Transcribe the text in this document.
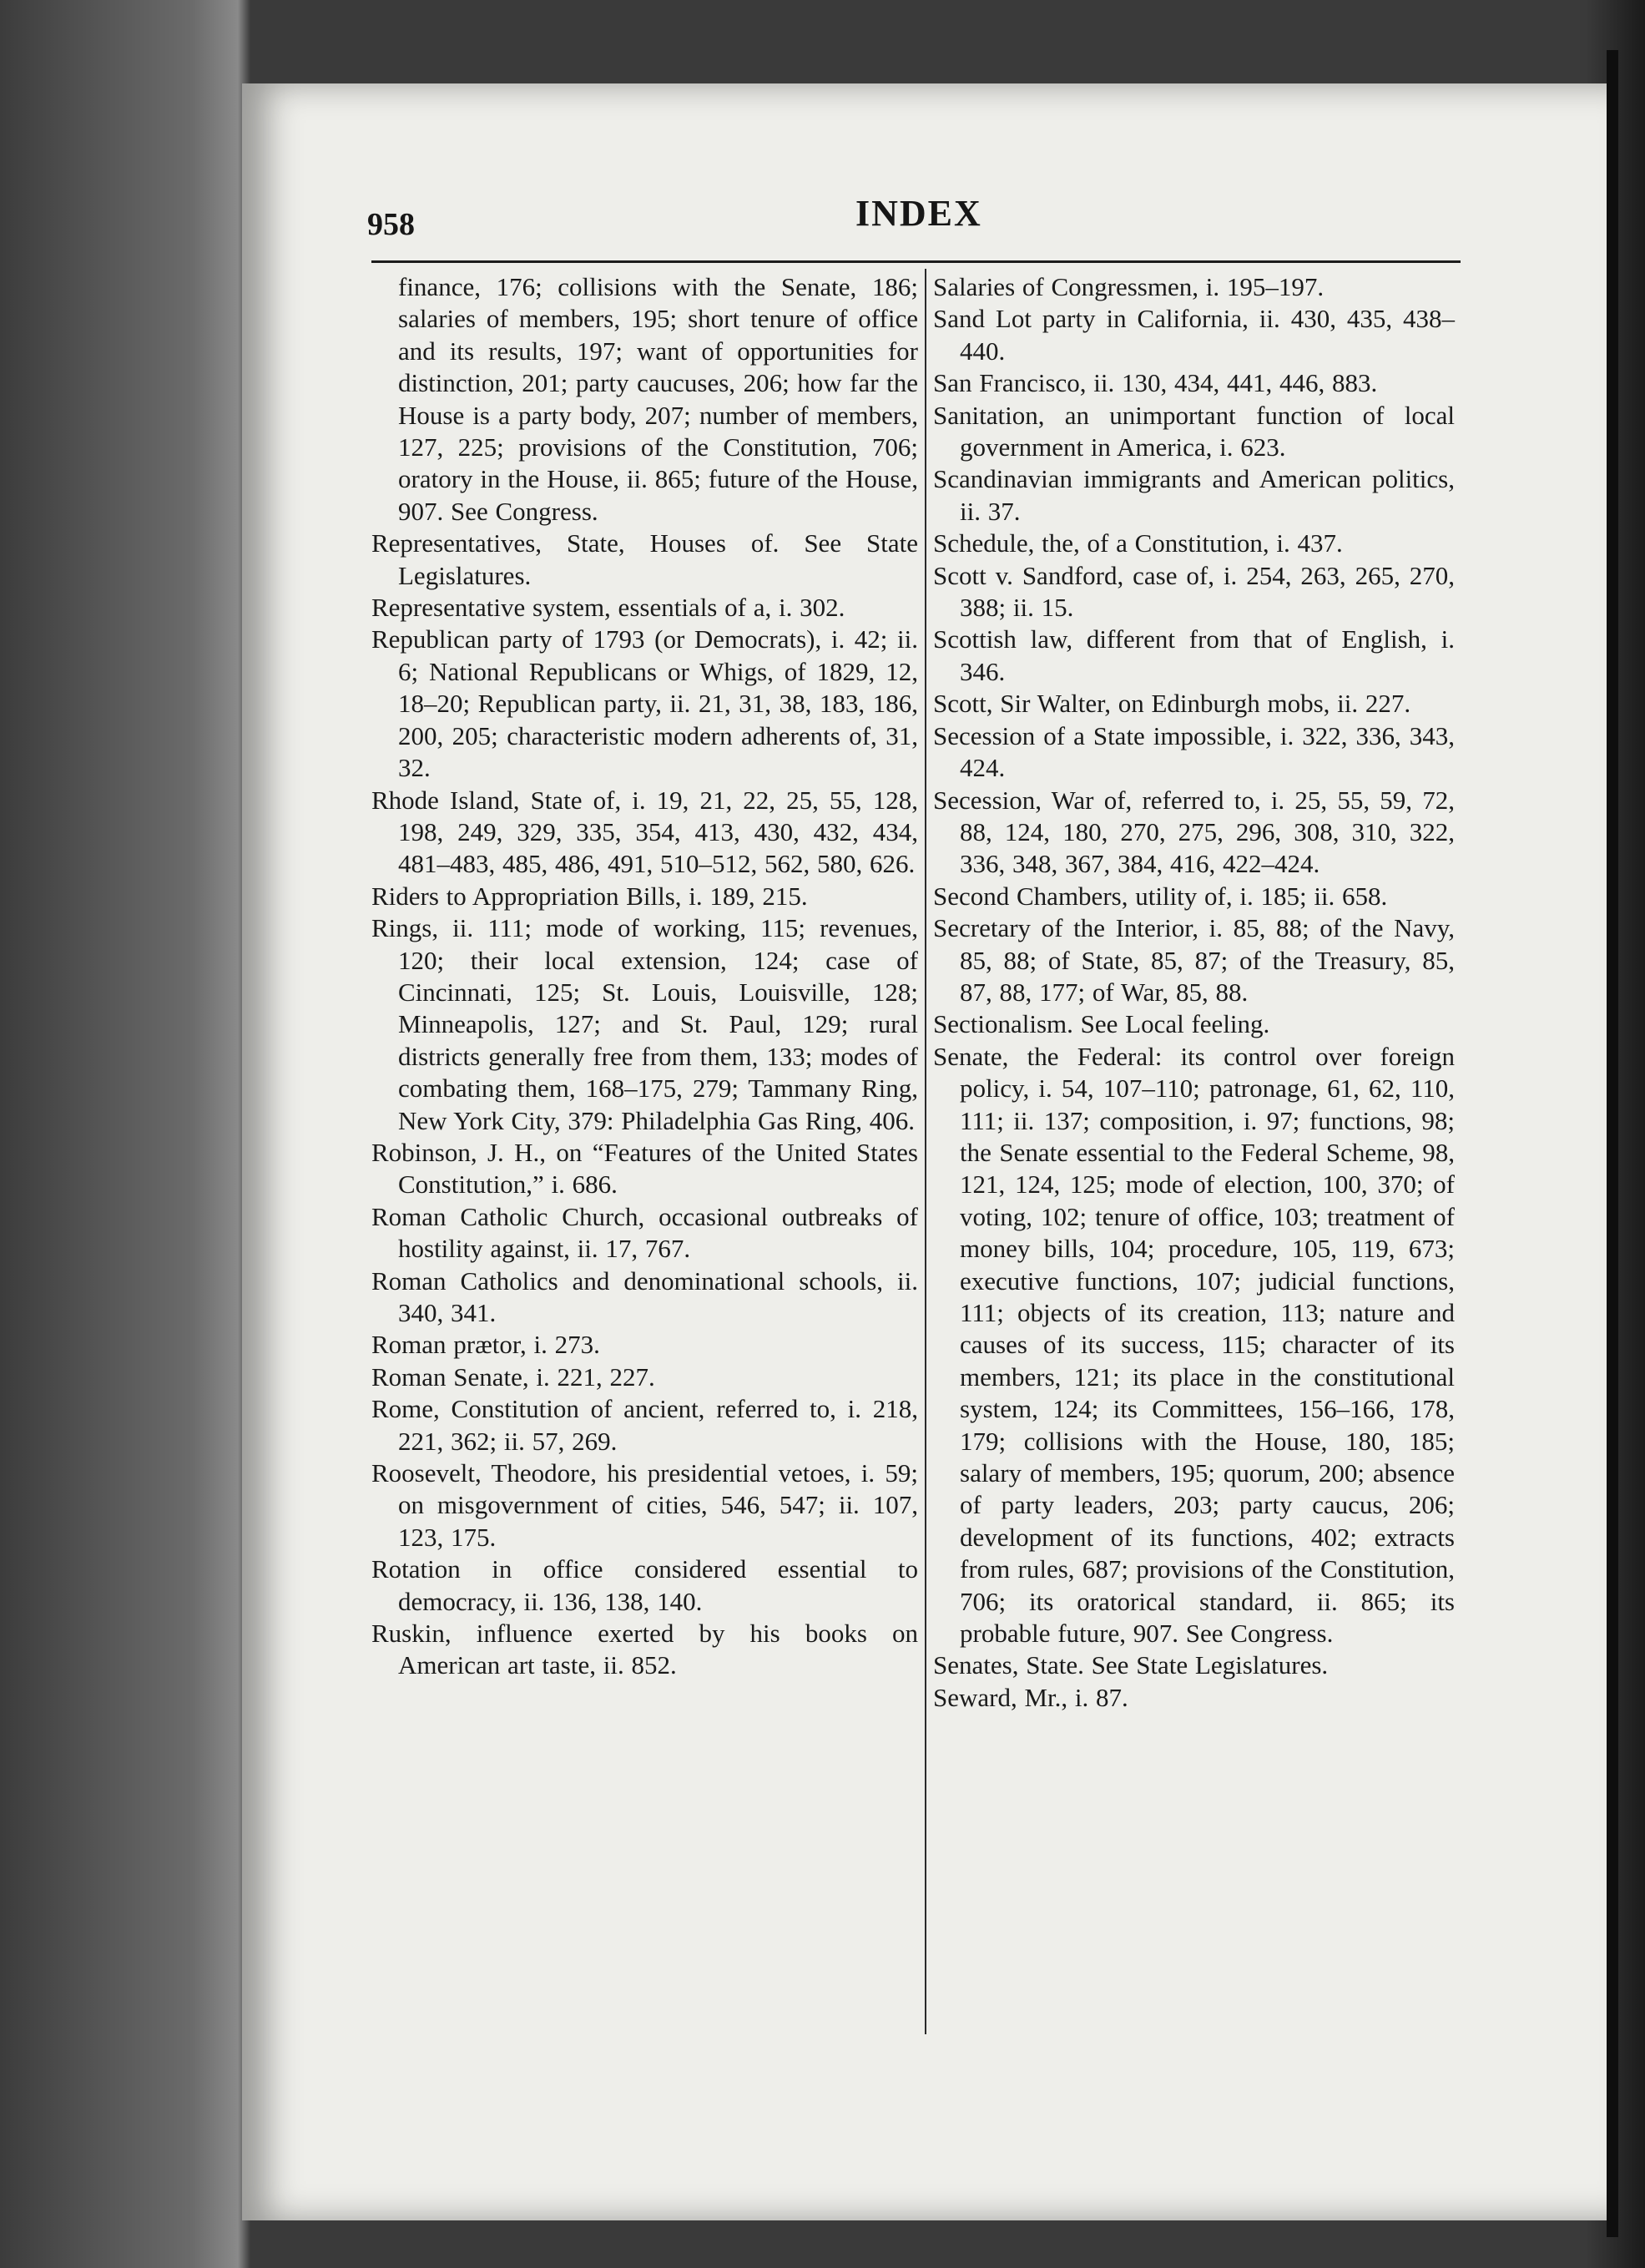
958	INDEX

finance, 176; collisions with the Senate, 186; salaries of members, 195; short tenure of office and its results, 197; want of opportunities for distinction, 201; party caucuses, 206; how far the House is a party body, 207; number of members, 127, 225; provisions of the Constitution, 706; oratory in the House, ii. 865; future of the House, 907. See Congress.

Representatives, State, Houses of. See State Legislatures.

Representative system, essentials of a, i. 302.

Republican party of 1793 (or Democrats), i. 42; ii. 6; National Republicans or Whigs, of 1829, 12, 18–20; Republican party, ii. 21, 31, 38, 183, 186, 200, 205; characteristic modern adherents of, 31, 32.

Rhode Island, State of, i. 19, 21, 22, 25, 55, 128, 198, 249, 329, 335, 354, 413, 430, 432, 434, 481–483, 485, 486, 491, 510–512, 562, 580, 626.

Riders to Appropriation Bills, i. 189, 215.

Rings, ii. 111; mode of working, 115; revenues, 120; their local extension, 124; case of Cincinnati, 125; St. Louis, Louisville, 128; Minneapolis, 127; and St. Paul, 129; rural districts generally free from them, 133; modes of combating them, 168–175, 279; Tammany Ring, New York City, 379: Philadelphia Gas Ring, 406.

Robinson, J. H., on “Features of the United States Constitution,” i. 686.

Roman Catholic Church, occasional outbreaks of hostility against, ii. 17, 767.

Roman Catholics and denominational schools, ii. 340, 341.

Roman prætor, i. 273.

Roman Senate, i. 221, 227.

Rome, Constitution of ancient, referred to, i. 218, 221, 362; ii. 57, 269.

Roosevelt, Theodore, his presidential vetoes, i. 59; on misgovernment of cities, 546, 547; ii. 107, 123, 175.

Rotation in office considered essential to democracy, ii. 136, 138, 140.

Ruskin, influence exerted by his books on American art taste, ii. 852.

Salaries of Congressmen, i. 195–197.

Sand Lot party in California, ii. 430, 435, 438–440.

San Francisco, ii. 130, 434, 441, 446, 883.

Sanitation, an unimportant function of local government in America, i. 623.

Scandinavian immigrants and American politics, ii. 37.

Schedule, the, of a Constitution, i. 437.

Scott v. Sandford, case of, i. 254, 263, 265, 270, 388; ii. 15.

Scottish law, different from that of English, i. 346.

Scott, Sir Walter, on Edinburgh mobs, ii. 227.

Secession of a State impossible, i. 322, 336, 343, 424.

Secession, War of, referred to, i. 25, 55, 59, 72, 88, 124, 180, 270, 275, 296, 308, 310, 322, 336, 348, 367, 384, 416, 422–424.

Second Chambers, utility of, i. 185; ii. 658.

Secretary of the Interior, i. 85, 88; of the Navy, 85, 88; of State, 85, 87; of the Treasury, 85, 87, 88, 177; of War, 85, 88.

Sectionalism. See Local feeling.

Senate, the Federal: its control over foreign policy, i. 54, 107–110; patronage, 61, 62, 110, 111; ii. 137; composition, i. 97; functions, 98; the Senate essential to the Federal Scheme, 98, 121, 124, 125; mode of election, 100, 370; of voting, 102; tenure of office, 103; treatment of money bills, 104; procedure, 105, 119, 673; executive functions, 107; judicial functions, 111; objects of its creation, 113; nature and causes of its success, 115; character of its members, 121; its place in the constitutional system, 124; its Committees, 156–166, 178, 179; collisions with the House, 180, 185; salary of members, 195; quorum, 200; absence of party leaders, 203; party caucus, 206; development of its functions, 402; extracts from rules, 687; provisions of the Constitution, 706; its oratorical standard, ii. 865; its probable future, 907. See Congress.

Senates, State. See State Legislatures.

Seward, Mr., i. 87.
